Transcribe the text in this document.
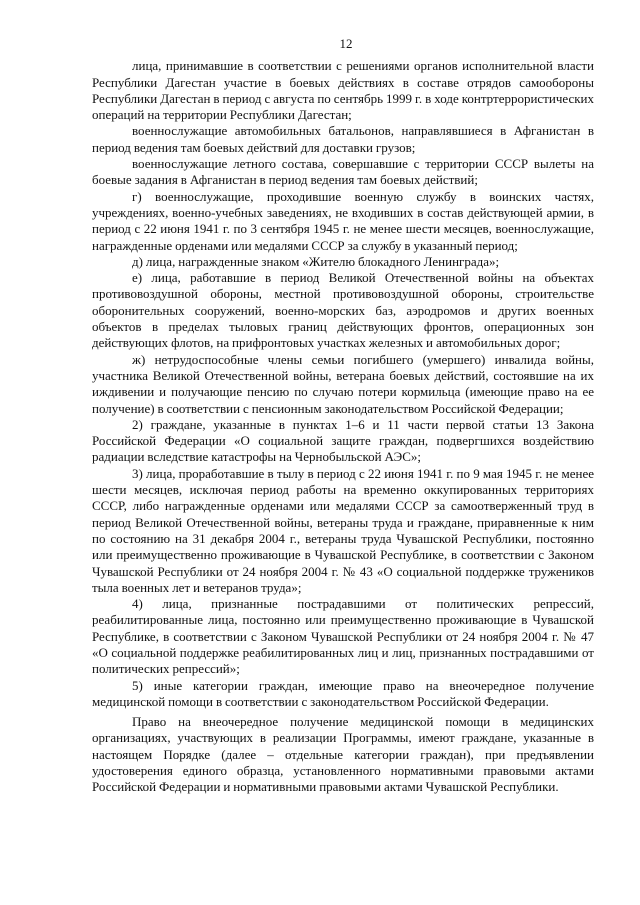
12

лица, принимавшие в соответствии с решениями органов исполнительной власти Республики Дагестан участие в боевых действиях в составе отрядов самообороны Республики Дагестан в период с августа по сентябрь 1999 г. в ходе контртеррористических операций на территории Республики Дагестан;

военнослужащие автомобильных батальонов, направлявшиеся в Афганистан в период ведения там боевых действий для доставки грузов;

военнослужащие летного состава, совершавшие с территории СССР вылеты на боевые задания в Афганистан в период ведения там боевых действий;

г) военнослужащие, проходившие военную службу в воинских частях, учреждениях, военно-учебных заведениях, не входивших в состав действующей армии, в период с 22 июня 1941 г. по 3 сентября 1945 г. не менее шести месяцев, военнослужащие, награжденные орденами или медалями СССР за службу в указанный период;

д) лица, награжденные знаком «Жителю блокадного Ленинграда»;

е) лица, работавшие в период Великой Отечественной войны на объектах противовоздушной обороны, местной противовоздушной обороны, строительстве оборонительных сооружений, военно-морских баз, аэродромов и других военных объектов в пределах тыловых границ действующих фронтов, операционных зон действующих флотов, на прифронтовых участках железных и автомобильных дорог;

ж) нетрудоспособные члены семьи погибшего (умершего) инвалида войны, участника Великой Отечественной войны, ветерана боевых действий, состоявшие на их иждивении и получающие пенсию по случаю потери кормильца (имеющие право на ее получение) в соответствии с пенсионным законодательством Российской Федерации;

2) граждане, указанные в пунктах 1–6 и 11 части первой статьи 13 Закона Российской Федерации «О социальной защите граждан, подвергшихся воздействию радиации вследствие катастрофы на Чернобыльской АЭС»;

3) лица, проработавшие в тылу в период с 22 июня 1941 г. по 9 мая 1945 г. не менее шести месяцев, исключая период работы на временно оккупированных территориях СССР, либо награжденные орденами или медалями СССР за самоотверженный труд в период Великой Отечественной войны, ветераны труда и граждане, приравненные к ним по состоянию на 31 декабря 2004 г., ветераны труда Чувашской Республики, постоянно или преимущественно проживающие в Чувашской Республике, в соответствии с Законом Чувашской Республики от 24 ноября 2004 г. № 43 «О социальной поддержке тружеников тыла военных лет и ветеранов труда»;

4) лица, признанные пострадавшими от политических репрессий, реабилитированные лица, постоянно или преимущественно проживающие в Чувашской Республике, в соответствии с Законом Чувашской Республики от 24 ноября 2004 г. № 47 «О социальной поддержке реабилитированных лиц и лиц, признанных пострадавшими от политических репрессий»;

5) иные категории граждан, имеющие право на внеочередное получение медицинской помощи в соответствии с законодательством Российской Федерации.

Право на внеочередное получение медицинской помощи в медицинских организациях, участвующих в реализации Программы, имеют граждане, указанные в настоящем Порядке (далее – отдельные категории граждан), при предъявлении удостоверения единого образца, установленного нормативными правовыми актами Российской Федерации и нормативными правовыми актами Чувашской Республики.
